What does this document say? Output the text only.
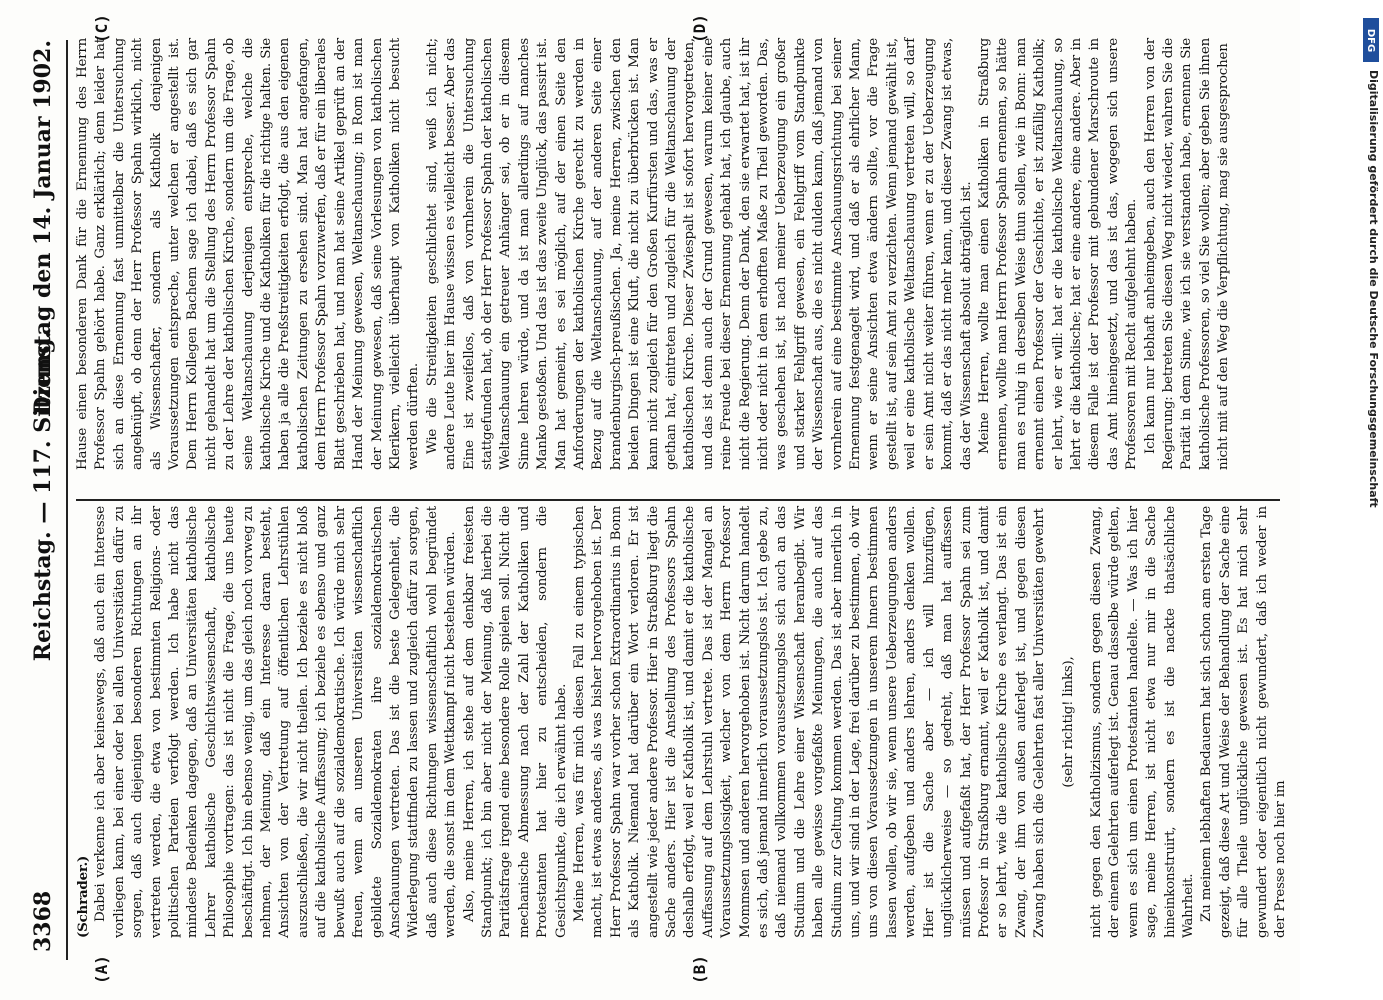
3368
Reichstag. — 117. Sitzung.
Dienstag den 14. Januar 1902.
(A)	(B)
(C)	(D)

(Schrader.) Dabei verkenne ich aber keineswegs, daß auch ein Interesse vorliegen kann, bei einer oder bei allen Universitäten dafür zu sorgen, daß auch diejenigen besonderen Richtungen an ihr vertreten werden, die etwa von bestimmten Religions- oder politischen Parteien verfolgt werden. Ich habe nicht das mindeste Bedenken dagegen, daß an Universitäten katholische Lehrer katholische Geschichtswissenschaft, katholische Philosophie vortragen: das ist nicht die Frage, die uns heute beschäftigt. Ich bin ebenso wenig, um das gleich noch vorweg zu nehmen, der Meinung, daß ein Interesse daran besteht, Ansichten von der Vertretung auf öffentlichen Lehrstühlen auszuschließen, die wir nicht theilen. Ich beziehe es nicht bloß auf die katholische Auffassung; ich beziehe es ebenso und ganz bewußt auch auf die sozialdemokratische. Ich würde mich sehr freuen, wenn an unseren Universitäten wissenschaftlich gebildete Sozialdemokraten ihre sozialdemokratischen Anschauungen vertreten. Das ist die beste Gelegenheit, die Widerlegung stattfinden zu lassen und zugleich dafür zu sorgen, daß auch diese Richtungen wissenschaftlich wohl begründet werden, die sonst im dem Wettkampf nicht bestehen würden. Also, meine Herren, ich stehe auf dem denkbar freiesten Standpunkt; ich bin aber nicht der Meinung, daß hierbei die Paritätsfrage irgend eine besondere Rolle spielen soll. Nicht die mechanische Abmessung nach der Zahl der Katholiken und Protestanten hat hier zu entscheiden, sondern die Gesichtspunkte, die ich erwähnt habe. Meine Herren, was für mich diesen Fall zu einem typischen macht, ist etwas anderes, als was bisher hervorgehoben ist. Der Herr Professor Spahn war vorher schon Extraordinarius in Bonn als Katholik. Niemand hat darüber ein Wort verloren. Er ist angestellt wie jeder andere Professor. Hier in Straßburg liegt die Sache anders. Hier ist die Anstellung des Professors Spahn deshalb erfolgt, weil er Katholik ist, und damit er die katholische Auffassung auf dem Lehrstuhl vertrete. Das ist der Mangel an Voraussetzungslosigkeit, welcher von dem Herrn Professor Mommsen und anderen hervorgehoben ist. Nicht darum handelt es sich, daß jemand innerlich voraussetzungslos ist. Ich gebe zu, daß niemand vollkommen voraussetzungslos sich auch an das Studium und die Lehre einer Wissenschaft heranbegibt. Wir haben alle gewisse vorgefaßte Meinungen, die auch auf das Studium zur Geltung kommen werden. Das ist aber innerlich in uns, und wir sind in der Lage, frei darüber zu bestimmen, ob wir uns von diesen Voraussetzungen in unserem Innern bestimmen lassen wollen, ob wir sie, wenn unsere Ueberzeugungen anders werden, aufgeben und anders lehren, anders denken wollen. Hier ist die Sache aber — ich will hinzufügen, unglücklicherweise — so gedreht, daß man hat auffassen müssen und aufgefaßt hat, der Herr Professor Spahn sei zum Professor in Straßburg ernannt, weil er Katholik ist, und damit er so lehrt, wie die katholische Kirche es verlangt. Das ist ein Zwang, der ihm von außen auferlegt ist, und gegen diesen Zwang haben sich die Gelehrten fast aller Universitäten gewehrt (sehr richtig! links), nicht gegen den Katholizismus, sondern gegen diesen Zwang, der einem Gelehrten auferlegt ist. Genau dasselbe würde gelten, wenn es sich um einen Protestanten handelte. — Was ich hier sage, meine Herren, ist nicht etwa nur mir in die Sache hineinkonstruirt, sondern es ist die nackte thatsächliche Wahrheit. Zu meinem lebhaften Bedauern hat sich schon am ersten Tage gezeigt, daß diese Art und Weise der Behandlung der Sache eine für alle Theile unglückliche gewesen ist. Es hat mich sehr gewundert oder eigentlich nicht gewundert, daß ich weder in der Presse noch hier im

Hause einen besonderen Dank für die Ernennung des Herrn Professor Spahn gehört habe. Ganz erklärlich; denn leider hat sich an diese Ernennung fast unmittelbar die Untersuchung angeknüpft, ob denn der Herr Professor Spahn wirklich, nicht als Wissenschafter, sondern als Katholik denjenigen Voraussetzungen entspreche, unter welchen er angestellt ist. Dem Herrn Kollegen Bachem sage ich dabei, daß es sich gar nicht gehandelt hat um die Stellung des Herrn Professor Spahn zu der Lehre der katholischen Kirche, sondern um die Frage, ob seine Weltanschauung derjenigen entspreche, welche die katholische Kirche und die Katholiken für die richtige halten. Sie haben ja alle die Preßstreitigkeiten erfolgt, die aus den eigenen katholischen Zeitungen zu ersehen sind. Man hat angefangen, dem Herrn Professor Spahn vorzuwerfen, daß er für ein liberales Blatt geschrieben hat, und man hat seine Artikel geprüft an der Hand der Meinung gewesen, Weltanschauung; in Rom ist man der Meinung gewesen, daß seine Vorlesungen von katholischen Klerikern, vielleicht überhaupt von Katholiken nicht besucht werden dürften. Wie die Streitigkeiten geschlichtet sind, weiß ich nicht; andere Leute hier im Hause wissen es vielleicht besser. Aber das Eine ist zweifellos, daß von vornherein die Untersuchung stattgefunden hat, ob der Herr Professor Spahn der katholischen Weltanschauung ein getreuer Anhänger sei, ob er in diesem Sinne lehren würde, und da ist man allerdings auf manches Manko gestoßen. Und das ist das zweite Unglück, das passirt ist. Man hat gemeint, es sei möglich, auf der einen Seite den Anforderungen der katholischen Kirche gerecht zu werden in Bezug auf die Weltanschauung, auf der anderen Seite einer brandenburgisch-preußischen. Ja, meine Herren, zwischen den beiden Dingen ist eine Kluft, die nicht zu überbrücken ist. Man kann nicht zugleich für den Großen Kurfürsten und das, was er gethan hat, eintreten und zugleich für die Weltanschauung der katholischen Kirche. Dieser Zwiespalt ist sofort hervorgetreten, und das ist denn auch der Grund gewesen, warum keiner eine reine Freude bei dieser Ernennung gehabt hat, ich glaube, auch nicht die Regierung. Denn der Dank, den sie erwartet hat, ist ihr nicht oder nicht in dem erhofften Maße zu Theil geworden. Das, was geschehen ist, ist nach meiner Ueberzeugung ein großer und starker Fehlgriff gewesen, ein Fehlgriff vom Standpunkte der Wissenschaft aus, die es nicht dulden kann, daß jemand von vornherein auf eine bestimmte Anschauungsrichtung bei seiner Ernennung festgenagelt wird, und daß er als ehrlicher Mann, wenn er seine Ansichten etwa ändern sollte, vor die Frage gestellt ist, auf sein Amt zu verzichten. Wenn jemand gewählt ist, weil er eine katholische Weltanschauung vertreten will, so darf er sein Amt nicht weiter führen, wenn er zu der Ueberzeugung kommt, daß er das nicht mehr kann, und dieser Zwang ist etwas, das der Wissenschaft absolut abträglich ist. Meine Herren, wollte man einen Katholiken in Straßburg ernennen, wollte man Herrn Professor Spahn ernennen, so hätte man es ruhig in derselben Weise thun sollen, wie in Bonn: man ernennt einen Professor der Geschichte, er ist zufällig Katholik; er lehrt, wie er will: hat er die katholische Weltanschauung, so lehrt er die katholische; hat er eine andere, eine andere. Aber in diesem Falle ist der Professor mit gebundener Marschroute in das Amt hineingesetzt, und das ist das, wogegen sich unsere Professoren mit Recht aufgelehnt haben. Ich kann nur lebhaft anheimgeben, auch den Herren von der Regierung: betreten Sie diesen Weg nicht wieder, wahren Sie die Parität in dem Sinne, wie ich sie verstanden habe, ernennen Sie katholische Professoren, so viel Sie wollen; aber geben Sie ihnen nicht mit auf den Weg die Verpflichtung, mag sie ausgesprochen

DFG
Digitalisierung gefördert durch die Deutsche Forschungsgemeinschaft
